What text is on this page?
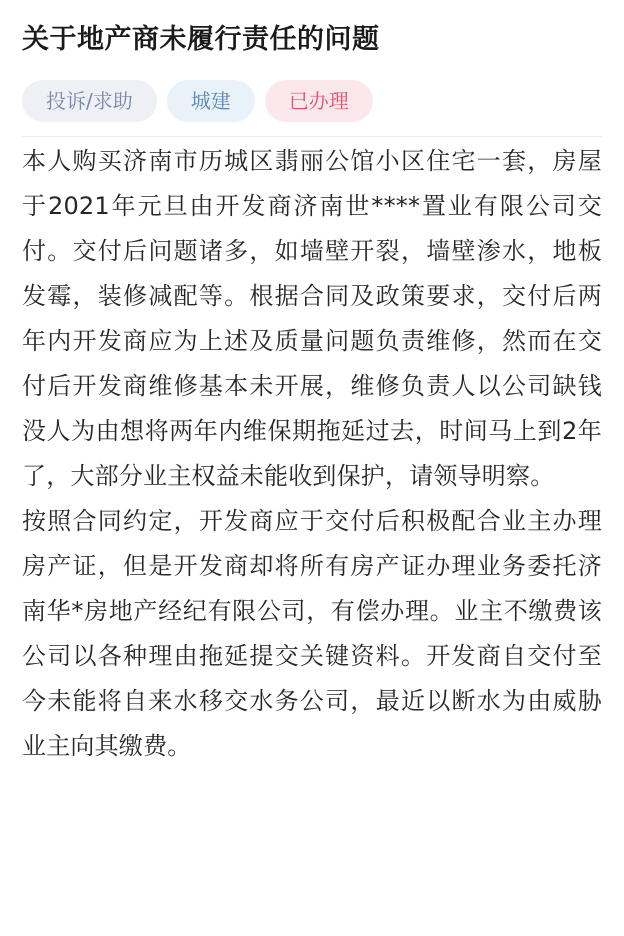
关于地产商未履行责任的问题
投诉/求助	城建	已办理

本人购买济南市历城区翡丽公馆小区住宅一套，房屋于2021年元旦由开发商济南世****置业有限公司交付。交付后问题诸多，如墙壁开裂，墙壁渗水，地板发霉，装修减配等。根据合同及政策要求，交付后两年内开发商应为上述及质量问题负责维修，然而在交付后开发商维修基本未开展，维修负责人以公司缺钱没人为由想将两年内维保期拖延过去，时间马上到2年了，大部分业主权益未能收到保护，请领导明察。

按照合同约定，开发商应于交付后积极配合业主办理房产证，但是开发商却将所有房产证办理业务委托济南华*房地产经纪有限公司，有偿办理。业主不缴费该公司以各种理由拖延提交关键资料。开发商自交付至今未能将自来水移交水务公司，最近以断水为由威胁业主向其缴费。
